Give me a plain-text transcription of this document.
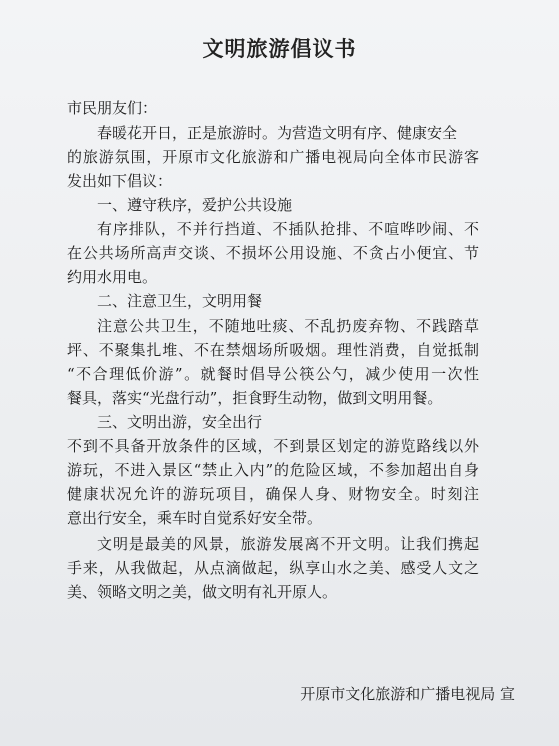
文明旅游倡议书
市民朋友们：
春暖花开日，正是旅游时。为营造文明有序、健康安全
的旅游氛围，开原市文化旅游和广播电视局向全体市民游客
发出如下倡议：
一、遵守秩序，爱护公共设施
有序排队，不并行挡道、不插队抢排、不喧哗吵闹、不
在公共场所高声交谈、不损坏公用设施、不贪占小便宜、节
约用水用电。
二、注意卫生，文明用餐
注意公共卫生，不随地吐痰、不乱扔废弃物、不践踏草
坪、不聚集扎堆、不在禁烟场所吸烟。理性消费，自觉抵制
“不合理低价游”。就餐时倡导公筷公勺，减少使用一次性
餐具，落实“光盘行动”，拒食野生动物，做到文明用餐。
三、文明出游，安全出行
不到不具备开放条件的区域，不到景区划定的游览路线以外
游玩，不进入景区“禁止入内”的危险区域，不参加超出自身
健康状况允许的游玩项目，确保人身、财物安全。时刻注
意出行安全，乘车时自觉系好安全带。
文明是最美的风景，旅游发展离不开文明。让我们携起
手来，从我做起，从点滴做起，纵享山水之美、感受人文之
美、领略文明之美，做文明有礼开原人。
开原市文化旅游和广播电视局 宣
